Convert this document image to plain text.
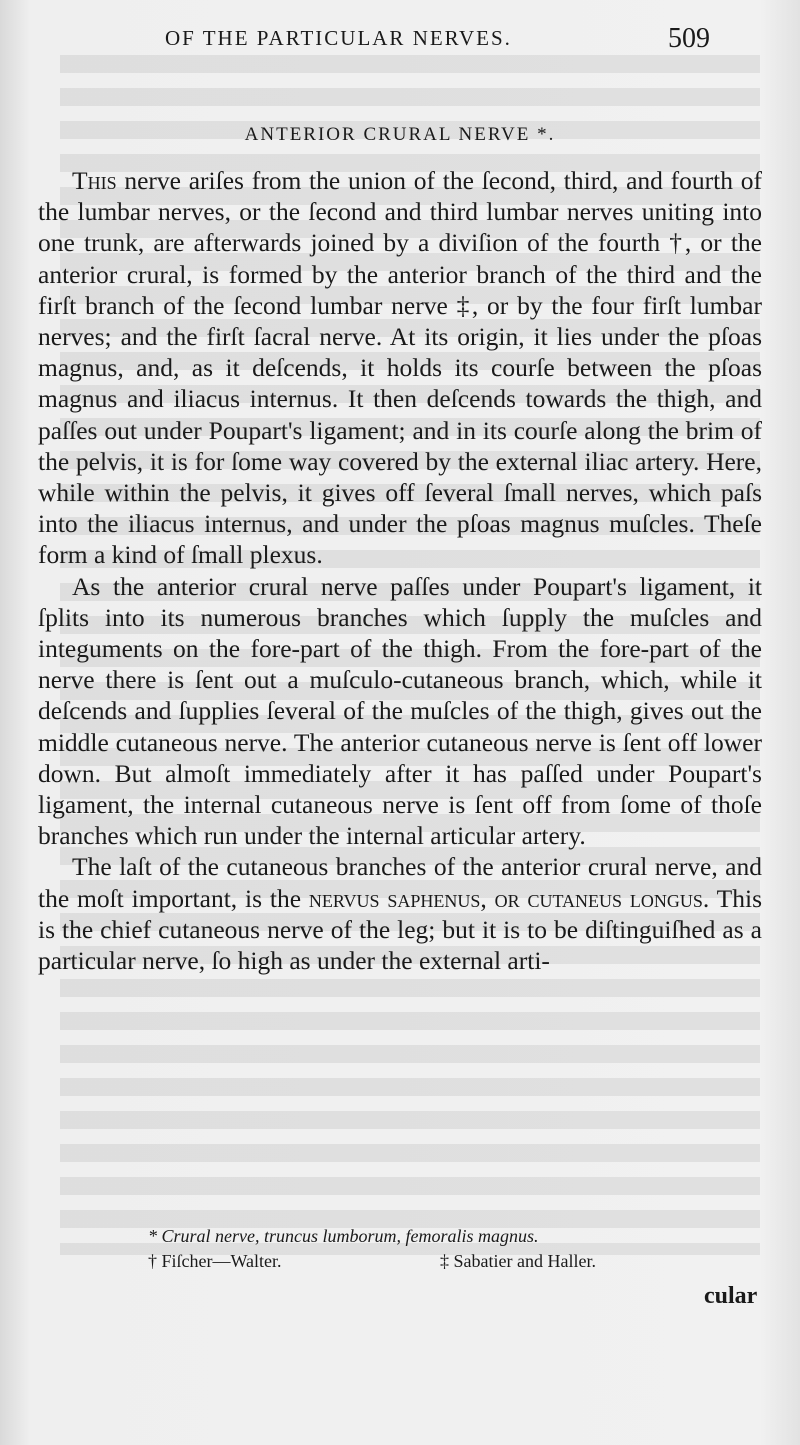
OF THE PARTICULAR NERVES.	509
ANTERIOR CRURAL NERVE *.

This nerve ariſes from the union of the ſecond, third, and fourth of the lumbar nerves, or the ſecond and third lumbar nerves uniting into one trunk, are afterwards joined by a diviſion of the fourth †, or the anterior crural, is formed by the anterior branch of the third and the firſt branch of the ſecond lumbar nerve ‡, or by the four firſt lumbar nerves; and the firſt ſacral nerve. At its origin, it lies under the pſoas magnus, and, as it deſcends, it holds its courſe between the pſoas magnus and iliacus internus. It then deſcends towards the thigh, and paſſes out under Poupart's ligament; and in its courſe along the brim of the pelvis, it is for ſome way covered by the external iliac artery. Here, while within the pelvis, it gives off ſeveral ſmall nerves, which paſs into the iliacus internus, and under the pſoas magnus muſcles. Theſe form a kind of ſmall plexus.

As the anterior crural nerve paſſes under Poupart's ligament, it ſplits into its numerous branches which ſupply the muſcles and integuments on the fore-part of the thigh. From the fore-part of the nerve there is ſent out a muſculo-cutaneous branch, which, while it deſcends and ſupplies ſeveral of the muſcles of the thigh, gives out the middle cutaneous nerve. The anterior cutaneous nerve is ſent off lower down. But almoſt immediately after it has paſſed under Poupart's ligament, the internal cutaneous nerve is ſent off from ſome of thoſe branches which run under the internal articular artery.

The laſt of the cutaneous branches of the anterior crural nerve, and the moſt important, is the nervus saphenus, or cutaneus longus. This is the chief cutaneous nerve of the leg; but it is to be diſtinguiſhed as a particular nerve, ſo high as under the external arti-

* Crural nerve, truncus lumborum, femoralis magnus.
† Fiſcher—Walter.	‡ Sabatier and Haller.
cular
